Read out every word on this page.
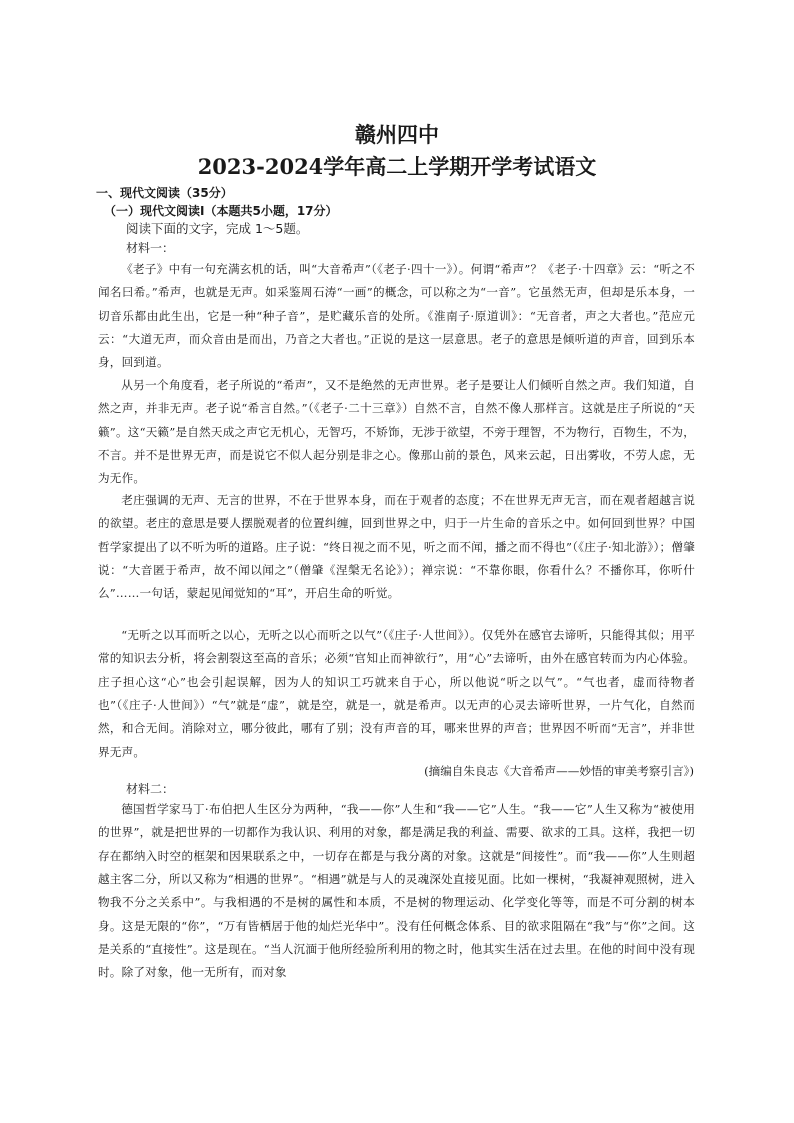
赣州四中
2023-2024学年高二上学期开学考试语文
一、现代文阅读（35分）
（一）现代文阅读Ⅰ（本题共5小题，17分）
阅读下面的文字，完成 1～5题。
材料一：

《老子》中有一句充满玄机的话，叫“大音希声”（《老子·四十一》）。何谓“希声”？《老子·十四章》云：“听之不闻名曰希。”希声，也就是无声。如采鉴周石涛“一画”的概念，可以称之为“一音”。它虽然无声，但却是乐本身，一切音乐都由此生出，它是一种“种子音”，是贮藏乐音的处所。《淮南子·原道训》：“无音者，声之大者也。”范应元云：“大道无声，而众音由是而出，乃音之大者也。”正说的是这一层意思。老子的意思是倾听道的声音，回到乐本身，回到道。

从另一个角度看，老子所说的“希声”，又不是绝然的无声世界。老子是要让人们倾听自然之声。我们知道，自然之声，并非无声。老子说“希言自然。”（《老子·二十三章》）自然不言，自然不像人那样言。这就是庄子所说的“天籁”。这“天籁”是自然天成之声它无机心，无智巧，不矫饰，无涉于欲望，不旁于理智，不为物行，百物生，不为，不言。并不是世界无声，而是说它不似人起分别是非之心。像那山前的景色，风来云起，日出雾收，不劳人虑，无为无作。

老庄强调的无声、无言的世界，不在于世界本身，而在于观者的态度；不在世界无声无言，而在观者超越言说的欲望。老庄的意思是要人摆脱观者的位置纠缠，回到世界之中，归于一片生命的音乐之中。如何回到世界？中国哲学家提出了以不听为听的道路。庄子说：“终日视之而不见，听之而不闻，播之而不得也”（《庄子·知北游》）；僧肇说：“大音匿于希声，故不闻以闻之”（僧肇《涅槃无名论》）；禅宗说：“不靠你眼，你看什么？不播你耳，你听什么”……一句话，蒙起见闻觉知的“耳”，开启生命的听觉。

“无听之以耳而听之以心，无听之以心而听之以气”（《庄子·人世间》）。仅凭外在感官去谛听，只能得其似；用平常的知识去分析，将会割裂这至高的音乐；必须“官知止而神欲行”，用“心”去谛听，由外在感官转而为内心体验。庄子担心这“心”也会引起误解，因为人的知识工巧就来自于心，所以他说“听之以气”。“气也者，虚而待物者也”（《庄子·人世间》）“气”就是“虚”，就是空，就是一，就是希声。以无声的心灵去谛听世界，一片气化，自然而然，和合无间。消除对立，哪分彼此，哪有了别；没有声音的耳，哪来世界的声音；世界因不听而“无言”，并非世界无声。

(摘编自朱良志《大音希声——妙悟的审美考察引言》)
材料二：

德国哲学家马丁·布伯把人生区分为两种，“我——你”人生和“我——它”人生。“我——它”人生又称为“被使用的世界”，就是把世界的一切都作为我认识、利用的对象，都是满足我的利益、需要、欲求的工具。这样，我把一切存在都纳入时空的框架和因果联系之中，一切存在都是与我分离的对象。这就是“间接性”。而“我——你”人生则超越主客二分，所以又称为“相遇的世界”。“相遇”就是与人的灵魂深处直接见面。比如一棵树，“我凝神观照树，进入物我不分之关系中”。与我相遇的不是树的属性和本质，不是树的物理运动、化学变化等等，而是不可分割的树本身。这是无限的“你”，“万有皆栖居于他的灿烂光华中”。没有任何概念体系、目的欲求阻隔在“我”与“你”之间。这是关系的“直接性”。这是现在。“当人沉湎于他所经验所利用的物之时，他其实生活在过去里。在他的时间中没有现时。除了对象，他一无所有，而对象
